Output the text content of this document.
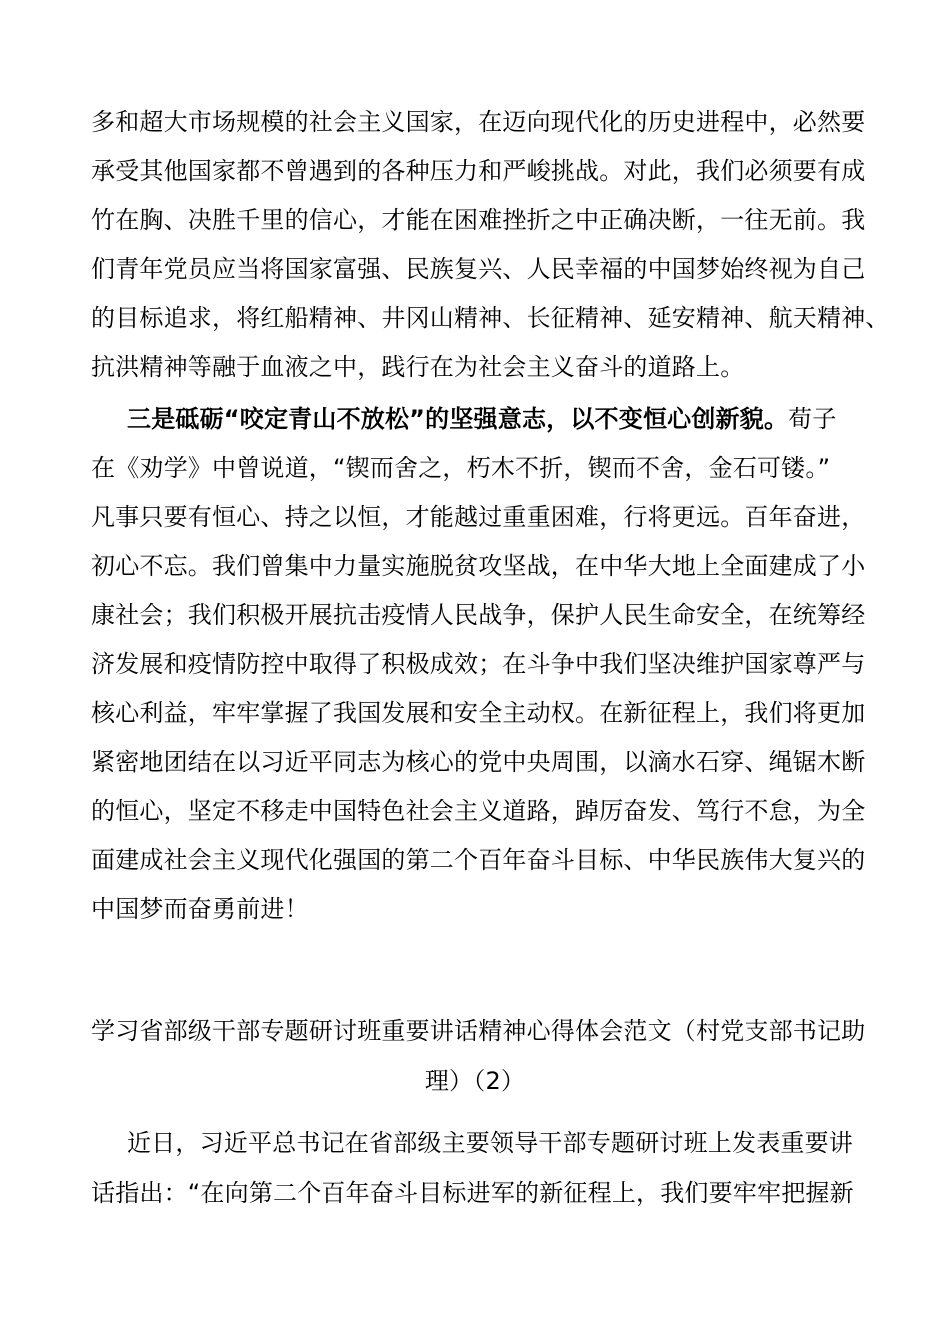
多和超大市场规模的社会主义国家，在迈向现代化的历史进程中，必然要
承受其他国家都不曾遇到的各种压力和严峻挑战。对此，我们必须要有成
竹在胸、决胜千里的信心，才能在困难挫折之中正确决断，一往无前。我
们青年党员应当将国家富强、民族复兴、人民幸福的中国梦始终视为自己
的目标追求，将红船精神、井冈山精神、长征精神、延安精神、航天精神、
抗洪精神等融于血液之中，践行在为社会主义奋斗的道路上。
三是砥砺“咬定青山不放松”的坚强意志，以不变恒心创新貌。荀子
在《劝学》中曾说道，“锲而舍之，朽木不折，锲而不舍，金石可镂。”
凡事只要有恒心、持之以恒，才能越过重重困难，行将更远。百年奋进，
初心不忘。我们曾集中力量实施脱贫攻坚战，在中华大地上全面建成了小
康社会；我们积极开展抗击疫情人民战争，保护人民生命安全，在统筹经
济发展和疫情防控中取得了积极成效；在斗争中我们坚决维护国家尊严与
核心利益，牢牢掌握了我国发展和安全主动权。在新征程上，我们将更加
紧密地团结在以习近平同志为核心的党中央周围，以滴水石穿、绳锯木断
的恒心，坚定不移走中国特色社会主义道路，踔厉奋发、笃行不怠，为全
面建成社会主义现代化强国的第二个百年奋斗目标、中华民族伟大复兴的
中国梦而奋勇前进！
学习省部级干部专题研讨班重要讲话精神心得体会范文（村党支部书记助
理）（2）
近日，习近平总书记在省部级主要领导干部专题研讨班上发表重要讲
话指出：“在向第二个百年奋斗目标进军的新征程上，我们要牢牢把握新
